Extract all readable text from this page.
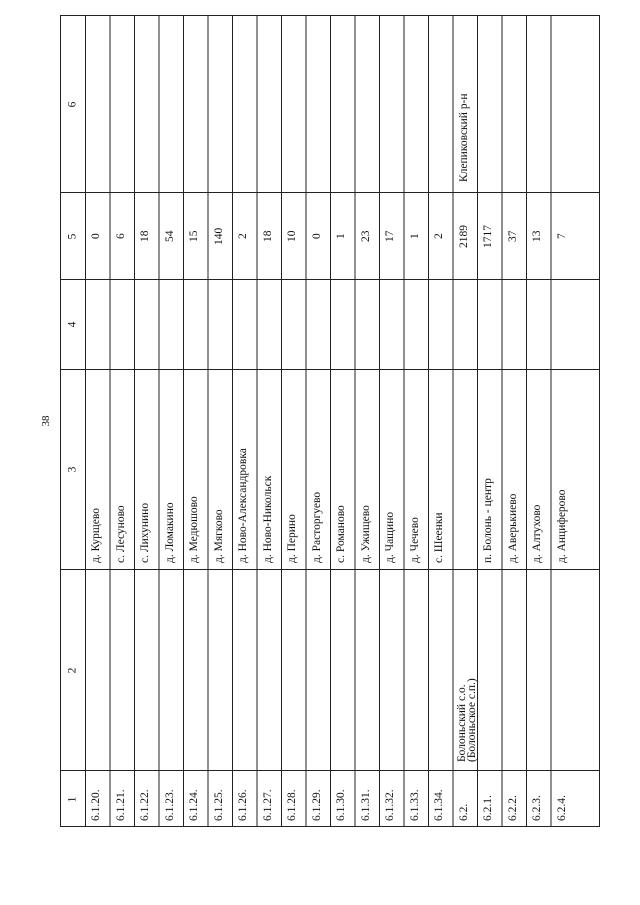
38
1
2
3
4
5
6
6.1.20.
д. Курщево
0
6.1.21.
с. Лесуново
6
6.1.22.
с. Лихунино
18
6.1.23.
д. Ломакино
54
6.1.24.
д. Медюшово
15
6.1.25.
д. Мягково
140
6.1.26.
д. Ново-Александровка
2
6.1.27.
д. Ново-Никольск
18
6.1.28.
д. Перино
10
6.1.29.
д. Расторгуево
0
6.1.30.
с. Романово
1
6.1.31.
д. Ужищево
23
6.1.32.
д. Чащино
17
6.1.33.
д. Чечево
1
6.1.34.
с. Шеенки
2
6.2.
2189
Болоньский с.о.
(Болоньское с.п.)
Клепиковский р-н
6.2.1.
п. Болонь - центр
1717
6.2.2.
д. Аверькиево
37
6.2.3.
д. Алтухово
13
6.2.4.
д. Анциферово
7
